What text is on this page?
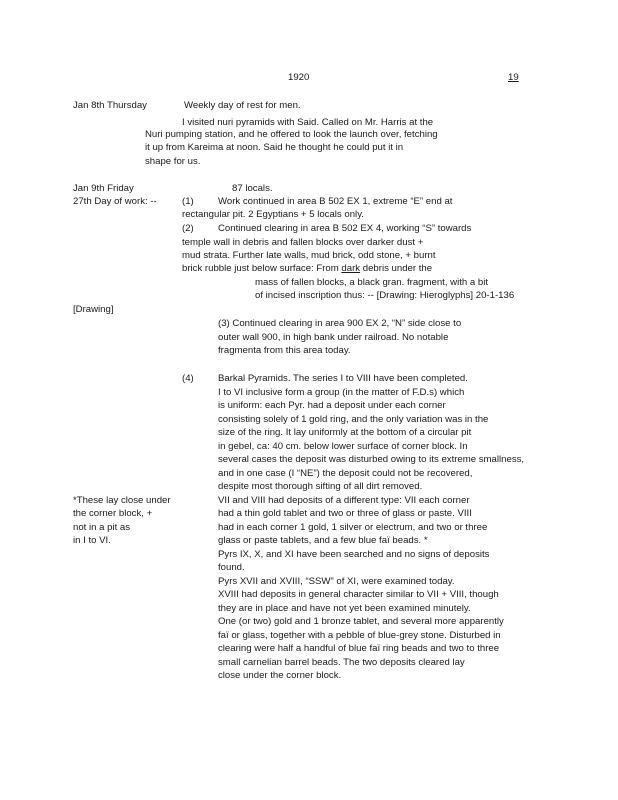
1920	19
Jan 8th Thursday	Weekly day of rest for men.
I visited nuri pyramids with Said. Called on Mr. Harris at the
Nuri pumping station, and he offered to look the launch over, fetching
it up from Kareima at noon. Said he thought he could put it in
shape for us.
Jan 9th Friday
27th Day of work: --
87 locals.
(1)	Work continued in area B 502 EX 1, extreme “E” end at
rectangular pit. 2 Egyptians + 5 locals only.
(2)	Continued clearing in area B 502 EX 4, working “S” towards
temple wall in debris and fallen blocks over darker dust +
mud strata. Further late walls, mud brick, odd stone, + burnt
brick rubble just below surface: From dark debris under the
mass of fallen blocks, a black gran. fragment, with a bit
of incised inscription thus: -- [Drawing: Hieroglyphs] 20-1-136
[Drawing]
(3) Continued clearing in area 900 EX 2, “N” side close to
outer wall 900, in high bank under railroad. No notable
fragmenta from this area today.
(4)	Barkal Pyramids. The series I to VIII have been completed.
I to VI inclusive form a group (in the matter of F.D.s) which
is uniform: each Pyr. had a deposit under each corner
consisting solely of 1 gold ring, and the only variation was in the
size of the ring. It lay uniformly at the bottom of a circular pit
in gebel, ca: 40 cm. below lower surface of corner block. In
several cases the deposit was disturbed owing to its extreme smallness,
and in one case (I “NE”) the deposit could not be recovered,
despite most thorough sifting of all dirt removed.
VII and VIII had deposits of a different type: VII each corner
had a thin gold tablet and two or three of glass or paste. VIII
had in each corner 1 gold, 1 silver or electrum, and two or three
glass or paste tablets, and a few blue faï beads. *
Pyrs IX, X, and XI have been searched and no signs of deposits
found.
Pyrs XVII and XVIII, “SSW” of XI, were examined today.
XVIII had deposits in general character similar to VII + VIII, though
they are in place and have not yet been examined minutely.
One (or two) gold and 1 bronze tablet, and several more apparently
faï or glass, together with a pebble of blue-grey stone. Disturbed in
clearing were half a handful of blue faï ring beads and two to three
small carnelian barrel beads. The two deposits cleared lay
close under the corner block.
*These lay close under
the corner block, +
not in a pit as
in I to VI.
